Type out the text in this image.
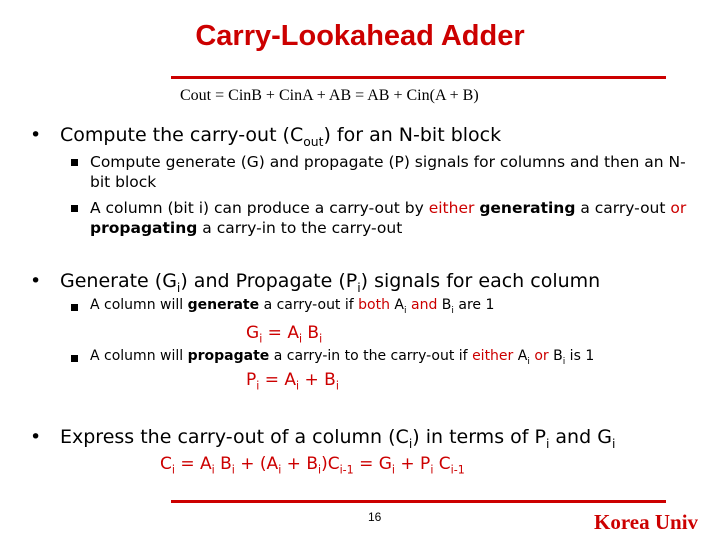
Carry-Lookahead Adder
Cout = CinB + CinA + AB = AB + Cin(A + B)
• Compute the carry-out $(C_{out})$ for an N-bit block
Compute generate (G) and propagate (P) signals for columns and then an N-bit block
A column (bit i) can produce a carry-out by either generating a carry-out or propagating a carry-in to the carry-out
• Generate $(G_i)$ and Propagate $(P_i)$ signals for each column
A column will generate a carry-out if both $A_i$ and $B_i$ are 1
$G_i = A_i$ $B_i$
A column will propagate a carry-in to the carry-out if either $A_i$ or $B_i$ is 1
$P_i = A_i + B_i$
• Express the carry-out of a column $(C_i)$ in terms of $P_i$ and $G_i$
$C_i = A_i$ $B_i + (A_i + B_i)C_{i-1} = G_i + P_i$ $C_{i-1}$
16	Korea Univ
